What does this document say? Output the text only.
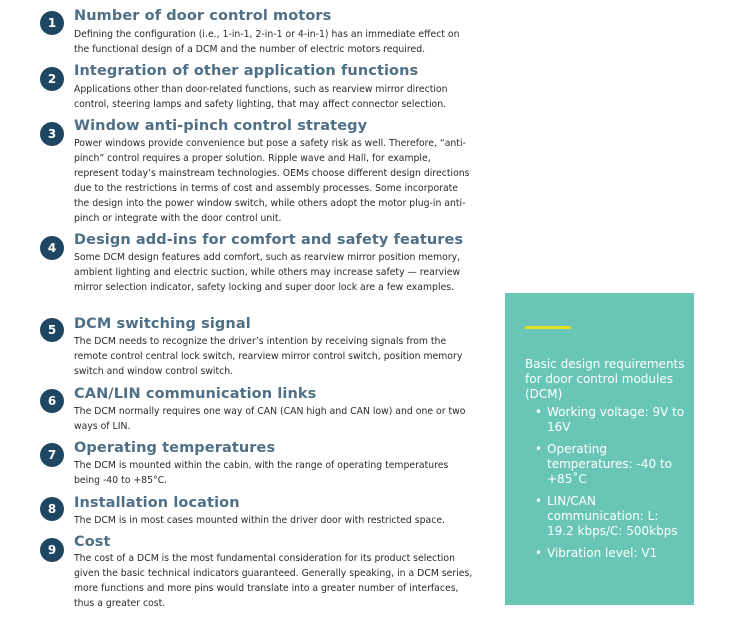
1	Number of door control motors

Defining the configuration (i.e., 1-in-1, 2-in-1 or 4-in-1) has an immediate effect on the functional design of a DCM and the number of electric motors required.

2	Integration of other application functions

Applications other than door-related functions, such as rearview mirror direction control, steering lamps and safety lighting, that may affect connector selection.

3	Window anti-pinch control strategy

Power windows provide convenience but pose a safety risk as well. Therefore, “anti-pinch” control requires a proper solution. Ripple wave and Hall, for example, represent today’s mainstream technologies. OEMs choose different design directions due to the restrictions in terms of cost and assembly processes. Some incorporate the design into the power window switch, while others adopt the motor plug-in anti-pinch or integrate with the door control unit.

4	Design add-ins for comfort and safety features

Some DCM design features add comfort, such as rearview mirror position memory, ambient lighting and electric suction, while others may increase safety — rearview mirror selection indicator, safety locking and super door lock are a few examples.

5	DCM switching signal

The DCM needs to recognize the driver’s intention by receiving signals from the remote control central lock switch, rearview mirror control switch, position memory switch and window control switch.

6	CAN/LIN communication links

The DCM normally requires one way of CAN (CAN high and CAN low) and one or two ways of LIN.

7	Operating temperatures

The DCM is mounted within the cabin, with the range of operating temperatures being -40 to +85°C.

8	Installation location

The DCM is in most cases mounted within the driver door with restricted space.

9	Cost

The cost of a DCM is the most fundamental consideration for its product selection given the basic technical indicators guaranteed. Generally speaking, in a DCM series, more functions and more pins would translate into a greater number of interfaces, thus a greater cost.

Basic design requirements for door control modules (DCM)
• Working voltage: 9V to 16V
• Operating temperatures: -40 to +85˚C
• LIN/CAN communication: L: 19.2 kbps/C: 500kbps
• Vibration level: V1
